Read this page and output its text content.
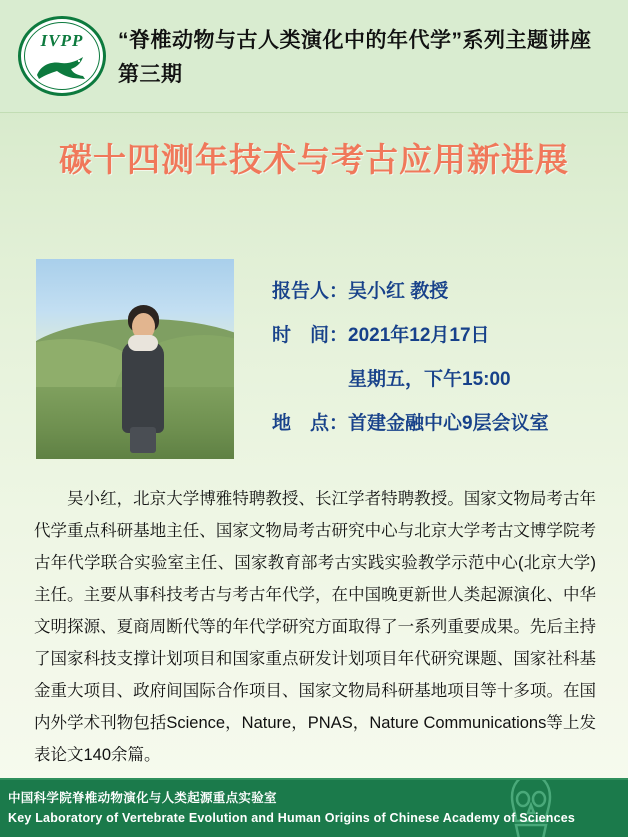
IVPP	“脊椎动物与古人类演化中的年代学”系列主题讲座第三期
碳十四测年技术与考古应用新进展
报告人：吴小红 教授
时　间：2021年12月17日
星期五，下午15:00
地　点：首建金融中心9层会议室
吴小红，北京大学博雅特聘教授、长江学者特聘教授。国家文物局考古年代学重点科研基地主任、国家文物局考古研究中心与北京大学考古文博学院考古年代学联合实验室主任、国家教育部考古实践实验教学示范中心(北京大学)主任。主要从事科技考古与考古年代学，在中国晚更新世人类起源演化、中华文明探源、夏商周断代等的年代学研究方面取得了一系列重要成果。先后主持了国家科技支撑计划项目和国家重点研发计划项目年代研究课题、国家社科基金重大项目、政府间国际合作项目、国家文物局科研基地项目等十多项。在国内外学术刊物包括Science，Nature，PNAS，Nature Communications等上发表论文140余篇。
中国科学院脊椎动物演化与人类起源重点实验室
Key Laboratory of Vertebrate Evolution and Human Origins of Chinese Academy of Sciences
